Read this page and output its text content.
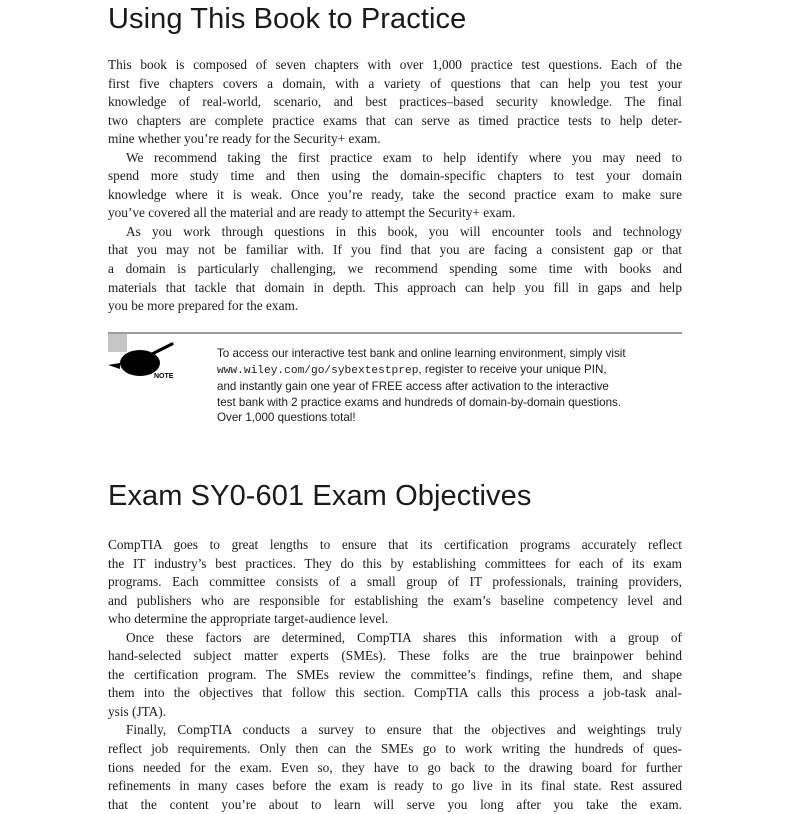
Using This Book to Practice
This book is composed of seven chapters with over 1,000 practice test questions. Each of the
first five chapters covers a domain, with a variety of questions that can help you test your
knowledge of real-world, scenario, and best practices–based security knowledge. The final
two chapters are complete practice exams that can serve as timed practice tests to help deter-
mine whether you’re ready for the Security+ exam.
We recommend taking the first practice exam to help identify where you may need to
spend more study time and then using the domain-specific chapters to test your domain
knowledge where it is weak. Once you’re ready, take the second practice exam to make sure
you’ve covered all the material and are ready to attempt the Security+ exam.
As you work through questions in this book, you will encounter tools and technology
that you may not be familiar with. If you find that you are facing a consistent gap or that
a domain is particularly challenging, we recommend spending some time with books and
materials that tackle that domain in depth. This approach can help you fill in gaps and help
you be more prepared for the exam.
NOTE
To access our interactive test bank and online learning environment, simply visit
www.wiley.com/go/sybextestprep, register to receive your unique PIN,
and instantly gain one year of FREE access after activation to the interactive
test bank with 2 practice exams and hundreds of domain-by-domain questions.
Over 1,000 questions total!
Exam SY0-601 Exam Objectives
CompTIA goes to great lengths to ensure that its certification programs accurately reflect
the IT industry’s best practices. They do this by establishing committees for each of its exam
programs. Each committee consists of a small group of IT professionals, training providers,
and publishers who are responsible for establishing the exam’s baseline competency level and
who determine the appropriate target-audience level.
Once these factors are determined, CompTIA shares this information with a group of
hand-selected subject matter experts (SMEs). These folks are the true brainpower behind
the certification program. The SMEs review the committee’s findings, refine them, and shape
them into the objectives that follow this section. CompTIA calls this process a job-task anal-
ysis (JTA).
Finally, CompTIA conducts a survey to ensure that the objectives and weightings truly
reflect job requirements. Only then can the SMEs go to work writing the hundreds of ques-
tions needed for the exam. Even so, they have to go back to the drawing board for further
refinements in many cases before the exam is ready to go live in its final state. Rest assured
that the content you’re about to learn will serve you long after you take the exam.
